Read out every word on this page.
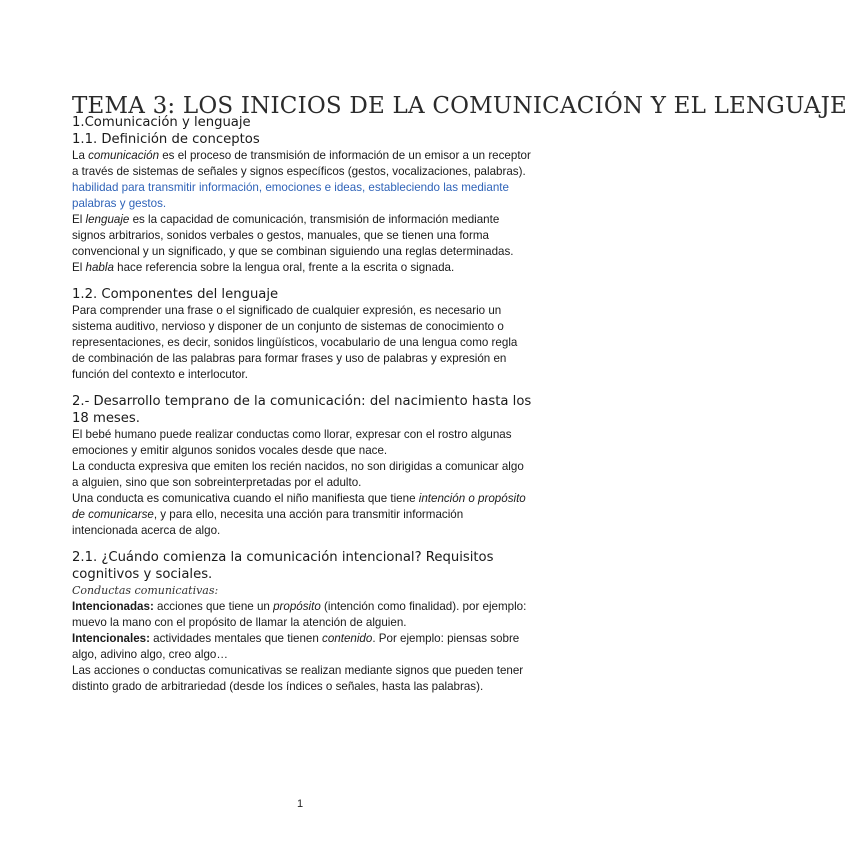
TEMA 3: LOS INICIOS DE LA COMUNICACIÓN Y EL LENGUAJE
1.Comunicación y lenguaje
1.1. Definición de conceptos

La comunicación es el proceso de transmisión de información de un emisor a un receptor a través de sistemas de señales y signos específicos (gestos, vocalizaciones, palabras). habilidad para transmitir información, emociones e ideas, estableciendo las mediante palabras y gestos.

El lenguaje es la capacidad de comunicación, transmisión de información mediante signos arbitrarios, sonidos verbales o gestos, manuales, que se tienen una forma convencional y un significado, y que se combinan siguiendo una reglas determinadas.

El habla hace referencia sobre la lengua oral, frente a la escrita o signada.

1.2. Componentes del lenguaje

Para comprender una frase o el significado de cualquier expresión, es necesario un sistema auditivo, nervioso y disponer de un conjunto de sistemas de conocimiento o representaciones, es decir, sonidos lingüísticos, vocabulario de una lengua como regla de combinación de las palabras para formar frases y uso de palabras y expresión en función del contexto e interlocutor.

2.- Desarrollo temprano de la comunicación: del nacimiento hasta los 18 meses.

El bebé humano puede realizar conductas como llorar, expresar con el rostro algunas emociones y emitir algunos sonidos vocales desde que nace.

La conducta expresiva que emiten los recién nacidos, no son dirigidas a comunicar algo a alguien, sino que son sobreinterpretadas por el adulto.

Una conducta es comunicativa cuando el niño manifiesta que tiene intención o propósito de comunicarse, y para ello, necesita una acción para transmitir información intencionada acerca de algo.

2.1. ¿Cuándo comienza la comunicación intencional? Requisitos cognitivos y sociales.

Conductas comunicativas:

Intencionadas: acciones que tiene un propósito (intención como finalidad). por ejemplo: muevo la mano con el propósito de llamar la atención de alguien.

Intencionales: actividades mentales que tienen contenido. Por ejemplo: piensas sobre algo, adivino algo, creo algo…

Las acciones o conductas comunicativas se realizan mediante signos que pueden tener distinto grado de arbitrariedad (desde los índices o señales, hasta las palabras).

1
